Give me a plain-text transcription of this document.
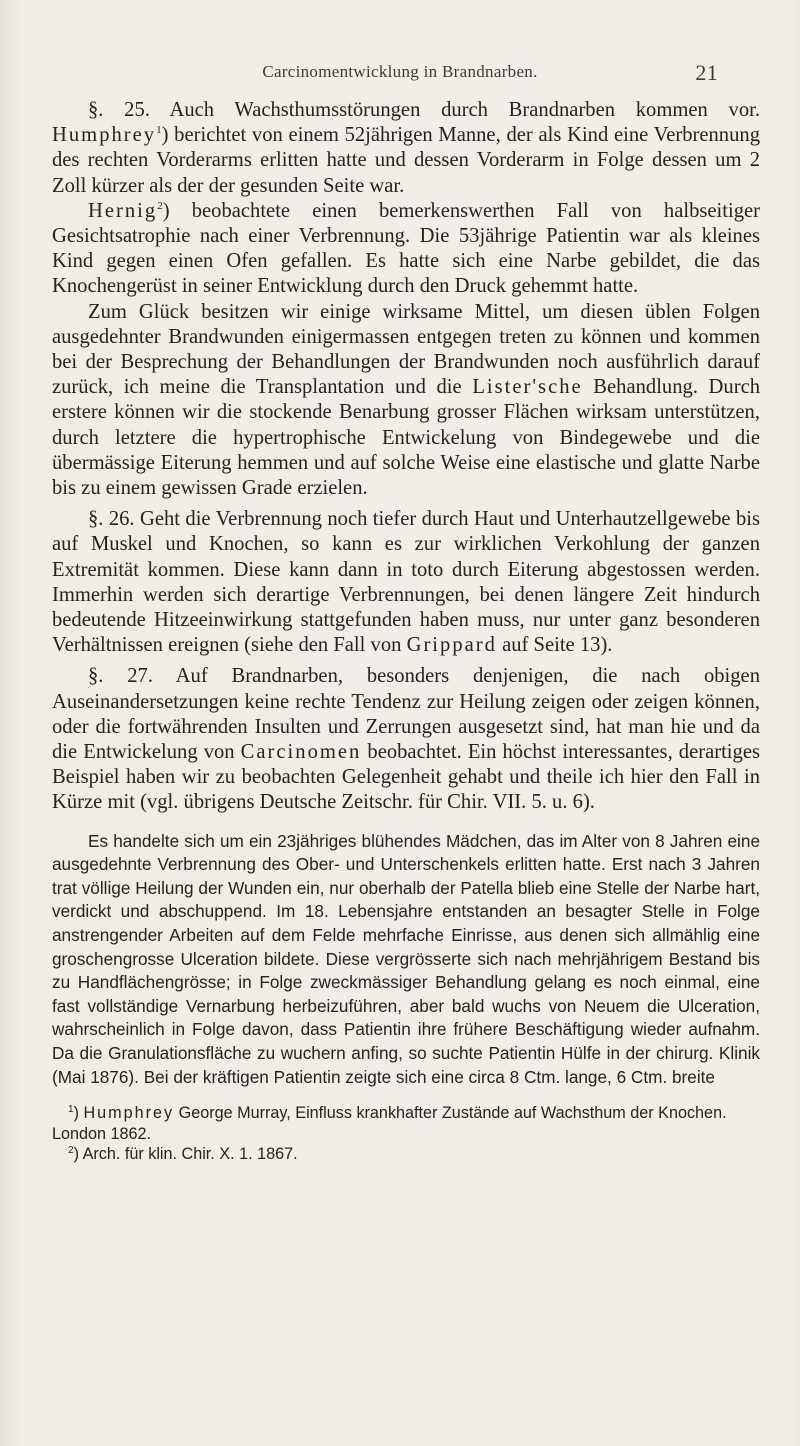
Carcinomentwicklung in Brandnarben.	21

§. 25. Auch Wachsthumsstörungen durch Brandnarben kommen vor. Humphrey$^1$) berichtet von einem 52jährigen Manne, der als Kind eine Verbrennung des rechten Vorderarms erlitten hatte und dessen Vorderarm in Folge dessen um 2 Zoll kürzer als der der gesunden Seite war.

Hernig$^2$) beobachtete einen bemerkenswerthen Fall von halbseitiger Gesichtsatrophie nach einer Verbrennung. Die 53jährige Patientin war als kleines Kind gegen einen Ofen gefallen. Es hatte sich eine Narbe gebildet, die das Knochengerüst in seiner Entwicklung durch den Druck gehemmt hatte.

Zum Glück besitzen wir einige wirksame Mittel, um diesen üblen Folgen ausgedehnter Brandwunden einigermassen entgegen treten zu können und kommen bei der Besprechung der Behandlungen der Brandwunden noch ausführlich darauf zurück, ich meine die Transplantation und die Lister'sche Behandlung. Durch erstere können wir die stockende Benarbung grosser Flächen wirksam unterstützen, durch letztere die hypertrophische Entwickelung von Bindegewebe und die übermässige Eiterung hemmen und auf solche Weise eine elastische und glatte Narbe bis zu einem gewissen Grade erzielen.

§. 26. Geht die Verbrennung noch tiefer durch Haut und Unterhautzellgewebe bis auf Muskel und Knochen, so kann es zur wirklichen Verkohlung der ganzen Extremität kommen. Diese kann dann in toto durch Eiterung abgestossen werden. Immerhin werden sich derartige Verbrennungen, bei denen längere Zeit hindurch bedeutende Hitzeeinwirkung stattgefunden haben muss, nur unter ganz besonderen Verhältnissen ereignen (siehe den Fall von Grippard auf Seite 13).

§. 27. Auf Brandnarben, besonders denjenigen, die nach obigen Auseinandersetzungen keine rechte Tendenz zur Heilung zeigen oder zeigen können, oder die fortwährenden Insulten und Zerrungen ausgesetzt sind, hat man hie und da die Entwickelung von Carcinomen beobachtet. Ein höchst interessantes, derartiges Beispiel haben wir zu beobachten Gelegenheit gehabt und theile ich hier den Fall in Kürze mit (vgl. übrigens Deutsche Zeitschr. für Chir. VII. 5. u. 6).

Es handelte sich um ein 23jähriges blühendes Mädchen, das im Alter von 8 Jahren eine ausgedehnte Verbrennung des Ober- und Unterschenkels erlitten hatte. Erst nach 3 Jahren trat völlige Heilung der Wunden ein, nur oberhalb der Patella blieb eine Stelle der Narbe hart, verdickt und abschuppend. Im 18. Lebensjahre entstanden an besagter Stelle in Folge anstrengender Arbeiten auf dem Felde mehrfache Einrisse, aus denen sich allmählig eine groschengrosse Ulceration bildete. Diese vergrösserte sich nach mehrjährigem Bestand bis zu Handflächengrösse; in Folge zweckmässiger Behandlung gelang es noch einmal, eine fast vollständige Vernarbung herbeizuführen, aber bald wuchs von Neuem die Ulceration, wahrscheinlich in Folge davon, dass Patientin ihre frühere Beschäftigung wieder aufnahm. Da die Granulationsfläche zu wuchern anfing, so suchte Patientin Hülfe in der chirurg. Klinik (Mai 1876). Bei der kräftigen Patientin zeigte sich eine circa 8 Ctm. lange, 6 Ctm. breite

$^1$) Humphrey George Murray, Einfluss krankhafter Zustände auf Wachsthum der Knochen. London 1862.

$^2$) Arch. für klin. Chir. X. 1. 1867.
